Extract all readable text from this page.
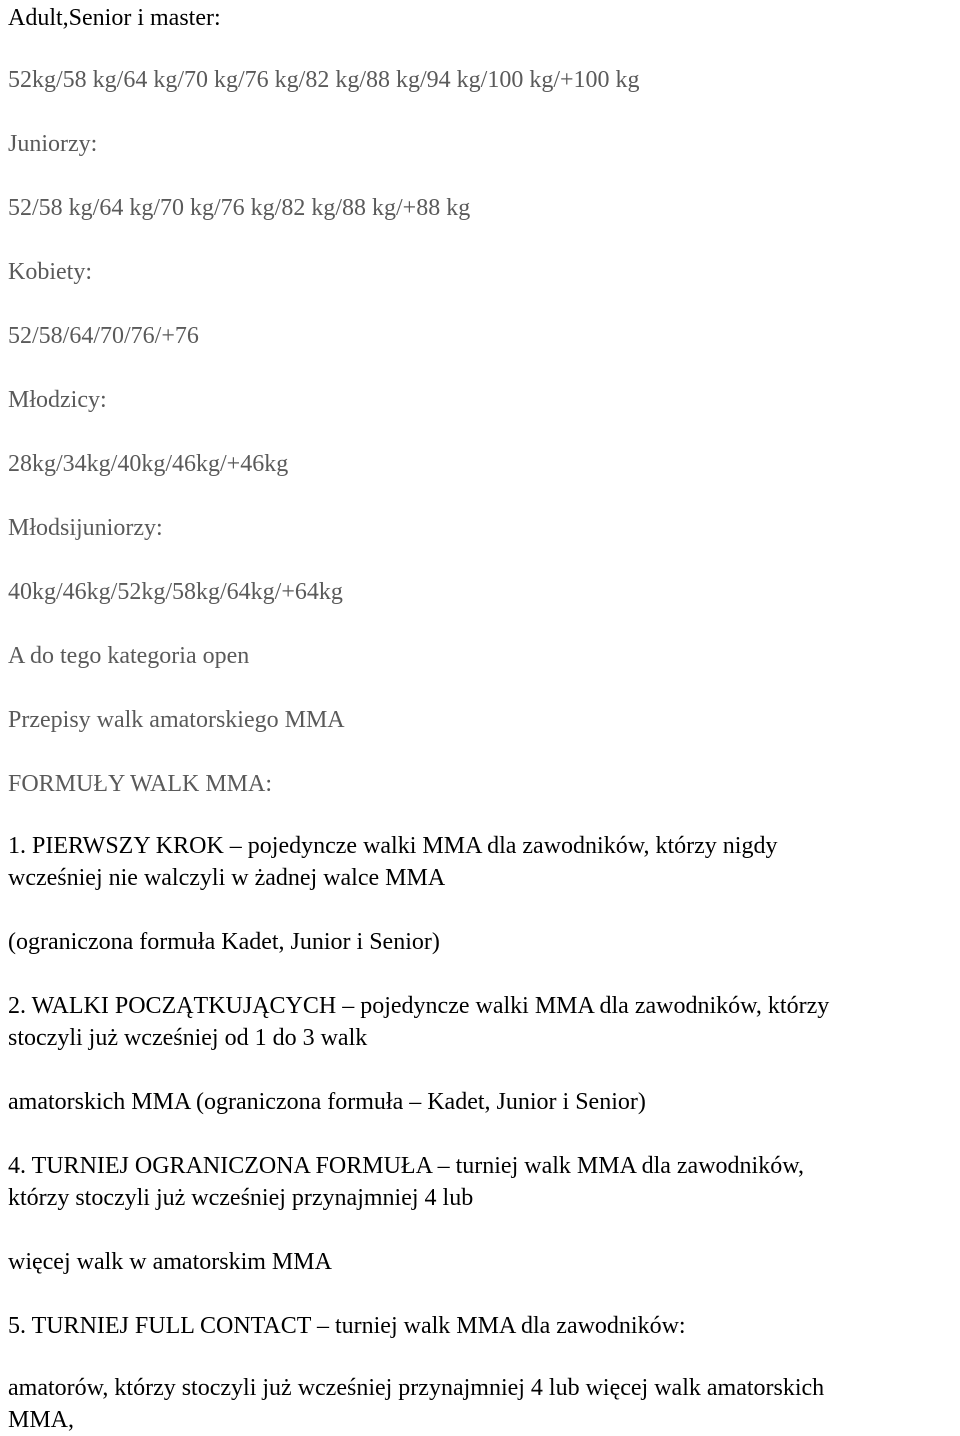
Adult,Senior i master:

52kg/58 kg/64 kg/70 kg/76 kg/82 kg/88 kg/94 kg/100 kg/+100 kg

Juniorzy:

52/58 kg/64 kg/70 kg/76 kg/82 kg/88 kg/+88 kg

Kobiety:

52/58/64/70/76/+76

Młodzicy:

28kg/34kg/40kg/46kg/+46kg

Młodsijuniorzy:

40kg/46kg/52kg/58kg/64kg/+64kg

A do tego kategoria open

Przepisy walk amatorskiego MMA

FORMUŁY WALK MMA:

1. PIERWSZY KROK – pojedyncze walki MMA dla zawodników, którzy nigdy
wcześniej nie walczyli w żadnej walce MMA

(ograniczona formuła Kadet, Junior i Senior)

2. WALKI POCZĄTKUJĄCYCH – pojedyncze walki MMA dla zawodników, którzy
stoczyli już wcześniej od 1 do 3 walk

amatorskich MMA (ograniczona formuła – Kadet, Junior i Senior)

4. TURNIEJ OGRANICZONA FORMUŁA – turniej walk MMA dla zawodników,
którzy stoczyli już wcześniej przynajmniej 4 lub

więcej walk w amatorskim MMA

5. TURNIEJ FULL CONTACT – turniej walk MMA dla zawodników:

amatorów, którzy stoczyli już wcześniej przynajmniej 4 lub więcej walk amatorskich
MMA,
